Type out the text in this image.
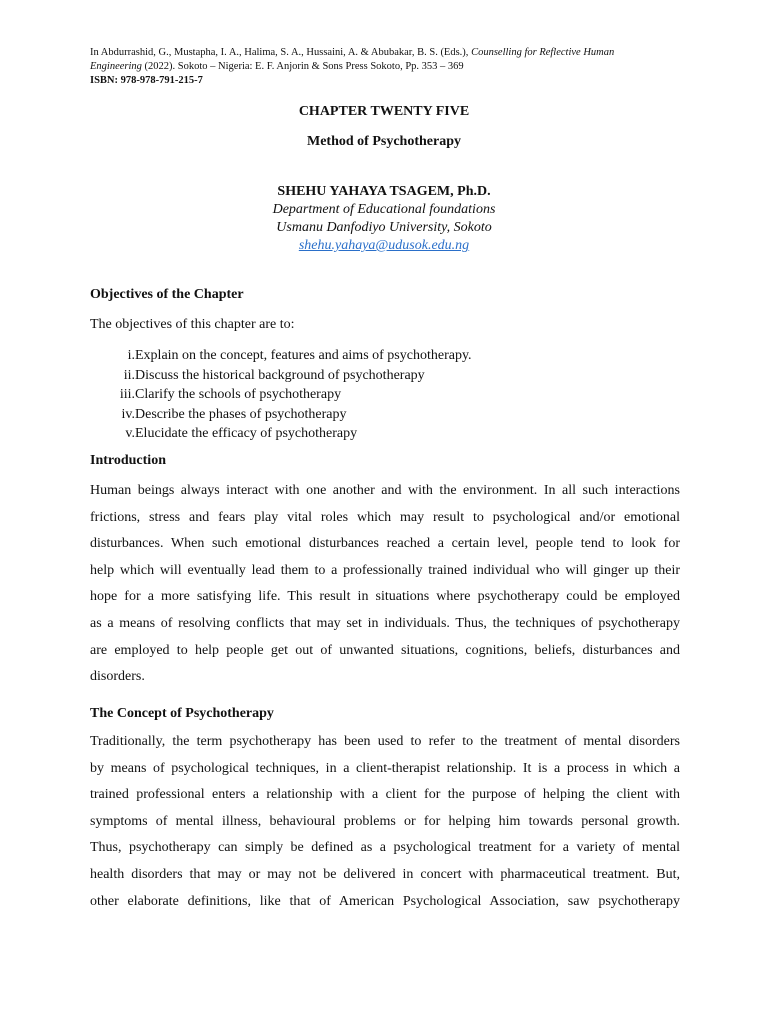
In Abdurrashid, G., Mustapha, I. A., Halima, S. A., Hussaini, A. & Abubakar, B. S. (Eds.), Counselling for Reflective Human
Engineering (2022). Sokoto – Nigeria: E. F. Anjorin & Sons Press Sokoto, Pp. 353 – 369
ISBN: 978-978-791-215-7
CHAPTER TWENTY FIVE
Method of Psychotherapy
SHEHU YAHAYA TSAGEM, Ph.D.
Department of Educational foundations
Usmanu Danfodiyo University, Sokoto
shehu.yahaya@udusok.edu.ng
Objectives of the Chapter
The objectives of this chapter are to:
i. Explain on the concept, features and aims of psychotherapy.
ii. Discuss the historical background of psychotherapy
iii. Clarify the schools of psychotherapy
iv. Describe the phases of psychotherapy
v. Elucidate the efficacy of psychotherapy
Introduction
Human beings always interact with one another and with the environment. In all such interactions
frictions, stress and fears play vital roles which may result to psychological and/or emotional
disturbances. When such emotional disturbances reached a certain level, people tend to look for
help which will eventually lead them to a professionally trained individual who will ginger up their
hope for a more satisfying life. This result in situations where psychotherapy could be employed
as a means of resolving conflicts that may set in individuals. Thus, the techniques of psychotherapy
are employed to help people get out of unwanted situations, cognitions, beliefs, disturbances and
disorders.
The Concept of Psychotherapy
Traditionally, the term psychotherapy has been used to refer to the treatment of mental disorders
by means of psychological techniques, in a client-therapist relationship. It is a process in which a
trained professional enters a relationship with a client for the purpose of helping the client with
symptoms of mental illness, behavioural problems or for helping him towards personal growth.
Thus, psychotherapy can simply be defined as a psychological treatment for a variety of mental
health disorders that may or may not be delivered in concert with pharmaceutical treatment. But,
other elaborate definitions, like that of American Psychological Association, saw psychotherapy
